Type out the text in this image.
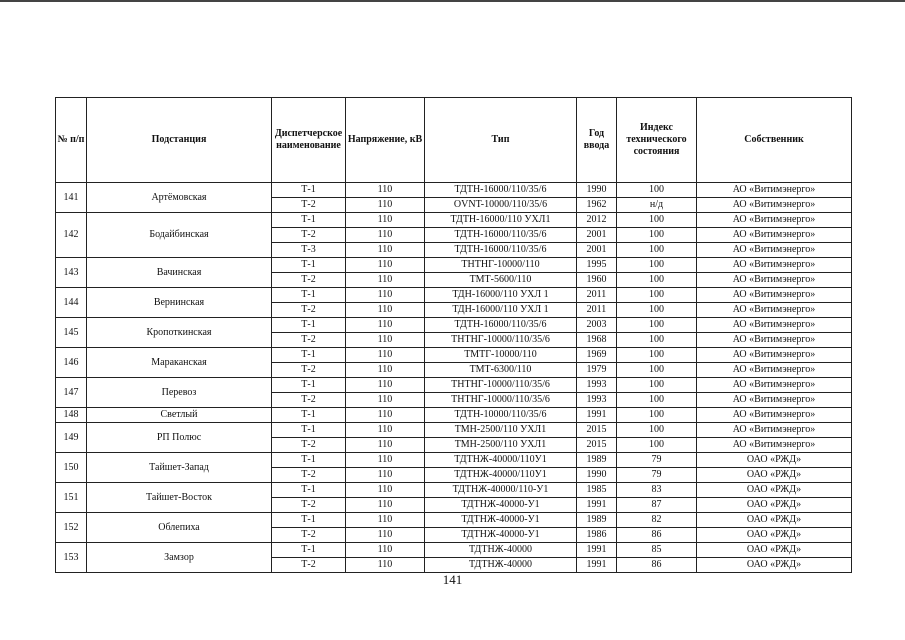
№ п/п	Подстанция	Диспетчерское наименование	Напряжение, кВ	Тип	Год ввода	Индекс технического состояния	Собственник
141	Артёмовская	Т-1	110	ТДТН-16000/110/35/6	1990	100	АО «Витимэнерго»
		Т-2	110	OVNT-10000/110/35/6	1962	н/д	АО «Витимэнерго»
142	Бодайбинская	Т-1	110	ТДТН-16000/110 УХЛ1	2012	100	АО «Витимэнерго»
		Т-2	110	ТДТН-16000/110/35/6	2001	100	АО «Витимэнерго»
		Т-3	110	ТДТН-16000/110/35/6	2001	100	АО «Витимэнерго»
143	Вачинская	Т-1	110	ТНТНГ-10000/110	1995	100	АО «Витимэнерго»
		Т-2	110	ТМТ-5600/110	1960	100	АО «Витимэнерго»
144	Вернинская	Т-1	110	ТДН-16000/110 УХЛ 1	2011	100	АО «Витимэнерго»
		Т-2	110	ТДН-16000/110 УХЛ 1	2011	100	АО «Витимэнерго»
145	Кропоткинская	Т-1	110	ТДТН-16000/110/35/6	2003	100	АО «Витимэнерго»
		Т-2	110	ТНТНГ-10000/110/35/6	1968	100	АО «Витимэнерго»
146	Мараканская	Т-1	110	ТМТГ-10000/110	1969	100	АО «Витимэнерго»
		Т-2	110	ТМТ-6300/110	1979	100	АО «Витимэнерго»
147	Перевоз	Т-1	110	ТНТНГ-10000/110/35/6	1993	100	АО «Витимэнерго»
		Т-2	110	ТНТНГ-10000/110/35/6	1993	100	АО «Витимэнерго»
148	Светлый	Т-1	110	ТДТН-10000/110/35/6	1991	100	АО «Витимэнерго»
149	РП Полюс	Т-1	110	ТМН-2500/110 УХЛ1	2015	100	АО «Витимэнерго»
		Т-2	110	ТМН-2500/110 УХЛ1	2015	100	АО «Витимэнерго»
150	Тайшет-Запад	Т-1	110	ТДТНЖ-40000/110У1	1989	79	ОАО «РЖД»
		Т-2	110	ТДТНЖ-40000/110У1	1990	79	ОАО «РЖД»
151	Тайшет-Восток	Т-1	110	ТДТНЖ-40000/110-У1	1985	83	ОАО «РЖД»
		Т-2	110	ТДТНЖ-40000-У1	1991	87	ОАО «РЖД»
152	Облепиха	Т-1	110	ТДТНЖ-40000-У1	1989	82	ОАО «РЖД»
		Т-2	110	ТДТНЖ-40000-У1	1986	86	ОАО «РЖД»
153	Замзор	Т-1	110	ТДТНЖ-40000	1991	85	ОАО «РЖД»
		Т-2	110	ТДТНЖ-40000	1991	86	ОАО «РЖД»
141
